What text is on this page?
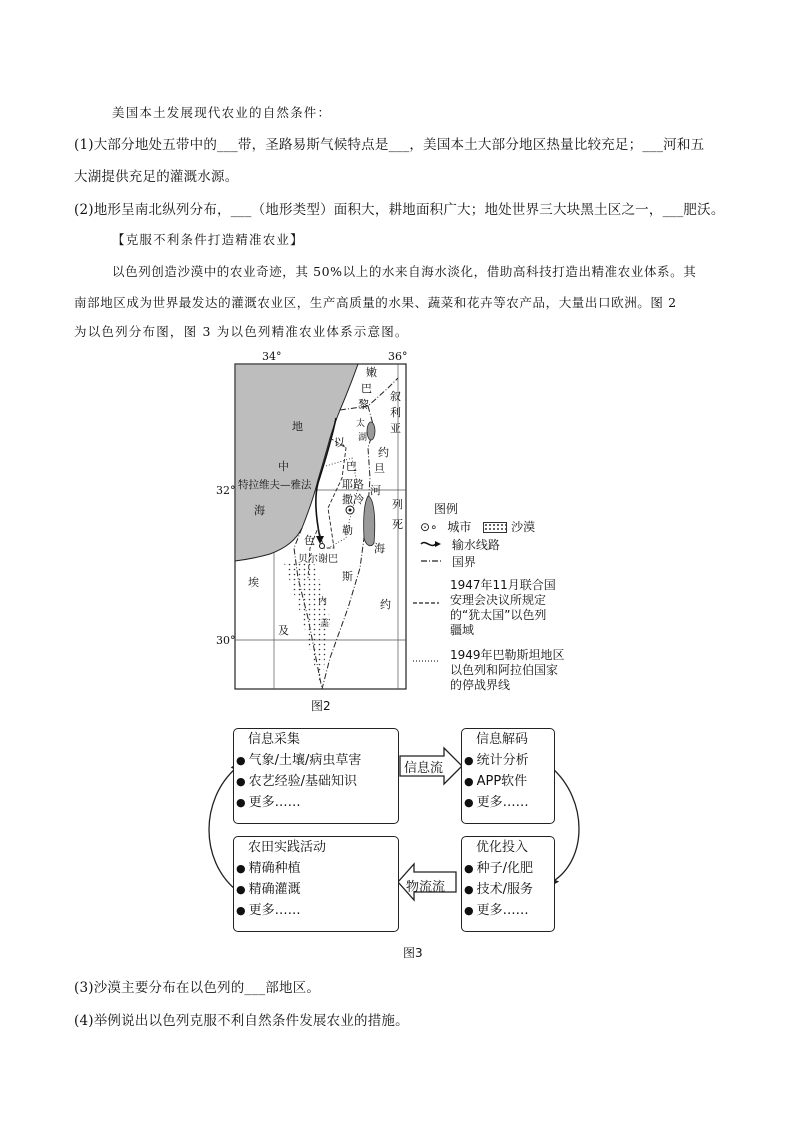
美国本土发展现代农业的自然条件：
(1)大部分地处五带中的___带，圣路易斯气候特点是___，美国本土大部分地区热量比较充足；___河和五
大湖提供充足的灌溉水源。
(2)地形呈南北纵列分布，___（地形类型）面积大，耕地面积广大；地处世界三大块黑土区之一，___肥沃。
【克服不利条件打造精准农业】
以色列创造沙漠中的农业奇迹，其 50%以上的水来自海水淡化，借助高科技打造出精准农业体系。其
南部地区成为世界最发达的灌溉农业区，生产高质量的水果、蔬菜和花卉等农产品，大量出口欧洲。图 2
为以色列分布图，图 3 为以色列精准农业体系示意图。
34°	36°
32°
30°
地
中
海
嫩
巴
黎
叙
利
亚
太
湖
以
约
旦
河
巴
勒
耶路
撒冷
特拉维夫—雅法
色
列
死
海
贝尔谢巴
斯
埃
及
约
内
盖
图2
图例
⊙∘ 城市	沙漠
输水线路
国界
1947年11月联合国
安理会决议所规定
的“犹太国”以色列
疆域
1949年巴勒斯坦地区
以色列和阿拉伯国家
的停战界线
信息流
物流流
信息采集
● 气象/土壤/病虫草害
● 农艺经验/基础知识
● 更多……
信息解码
● 统计分析
● APP软件
● 更多……
农田实践活动
● 精确种植
● 精确灌溉
● 更多……
优化投入
● 种子/化肥
● 技术/服务
● 更多……
图3
(3)沙漠主要分布在以色列的___部地区。
(4)举例说出以色列克服不利自然条件发展农业的措施。
